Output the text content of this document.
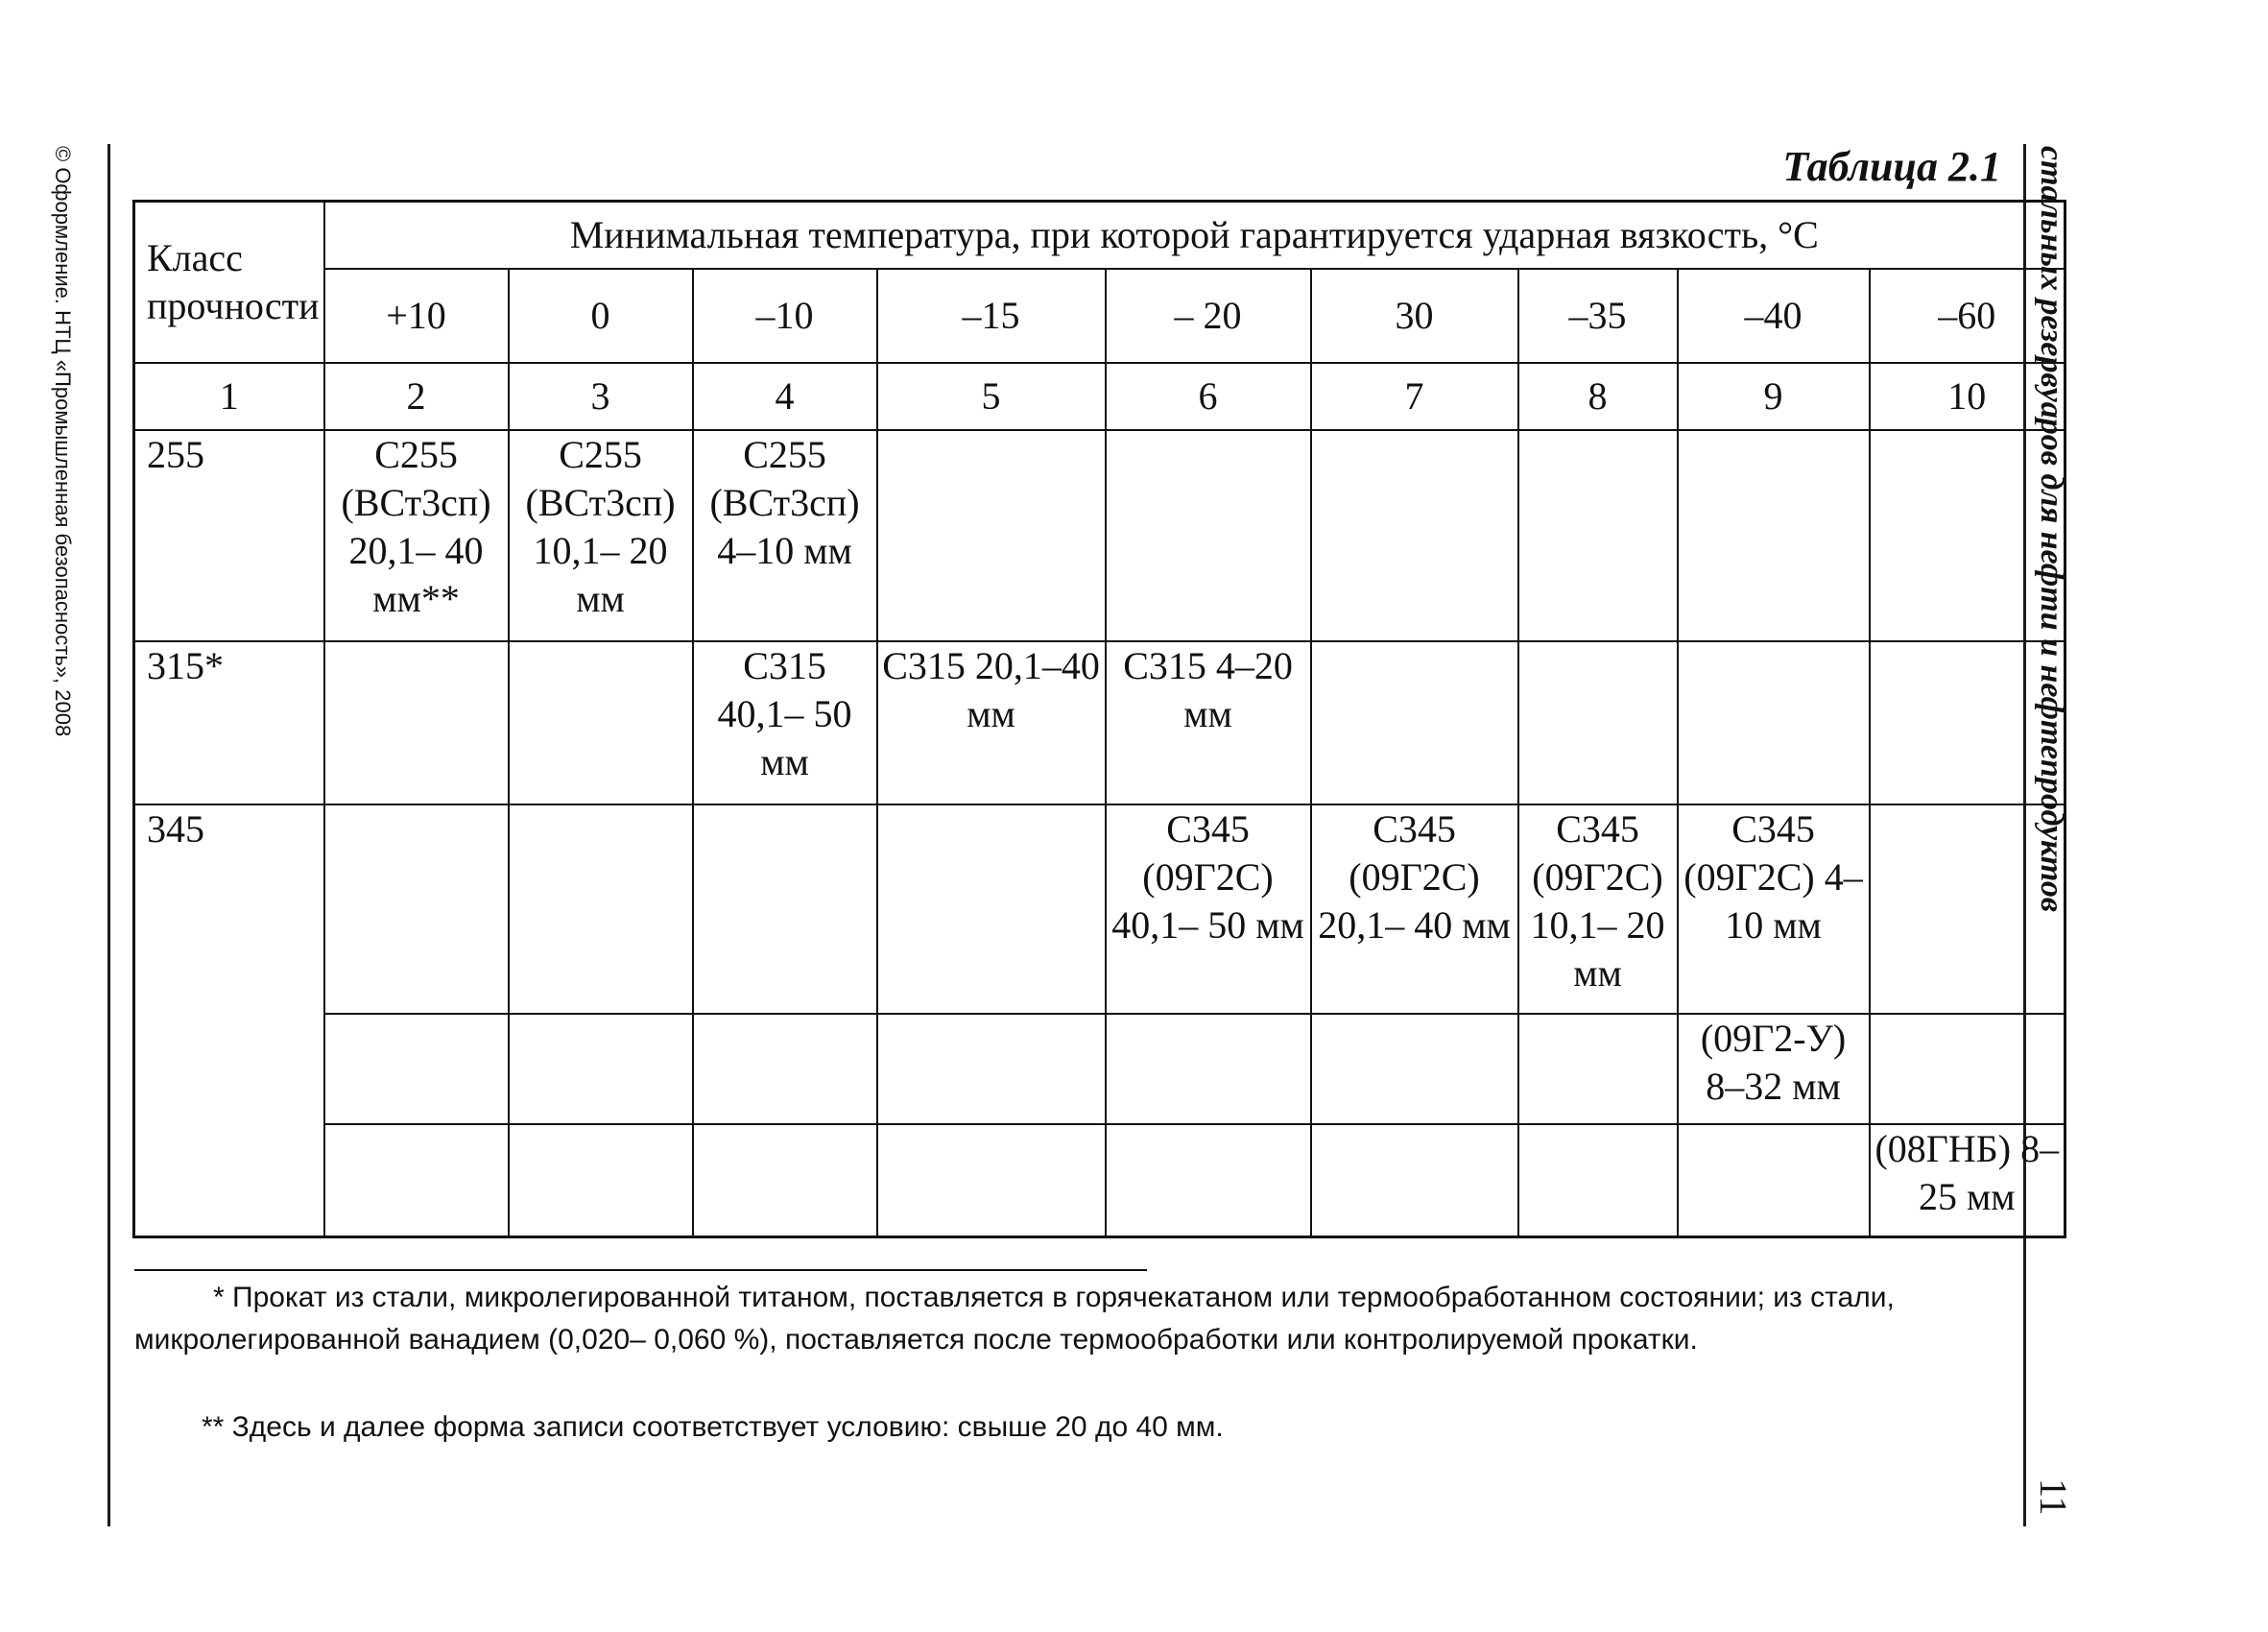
© Оформление. НТЦ «Промышленная безопасность», 2008	стальных резервуаров для нефти и нефтепродуктов
11
Таблица 2.1
Класс прочности	Минимальная температура, при которой гарантируется ударная вязкость, °С								
	+10	0	–10	–15	– 20	30	–35	–40	–60
1	2	3	4	5	6	7	8	9	10
255	С255 (ВСт3сп) 20,1– 40 мм**	С255 (ВСт3сп) 10,1– 20 мм	С255 (ВСт3сп) 4–10 мм						
315*			С315 40,1– 50 мм	С315 20,1–40 мм	С315 4–20 мм				
345					С345 (09Г2С) 40,1– 50 мм	С345 (09Г2С) 20,1– 40 мм	С345 (09Г2С) 10,1– 20 мм	С345 (09Г2С) 4–10 мм	
								(09Г2-У) 8–32 мм	
									(08ГНБ) 8–25 мм
* Прокат из стали, микролегированной титаном, поставляется в горячекатаном или термообработанном состоянии; из стали, микролегированной ванадием (0,020– 0,060 %), поставляется после термообработки или контролируемой прокатки.
** Здесь и далее форма записи соответствует условию: свыше 20 до 40 мм.
